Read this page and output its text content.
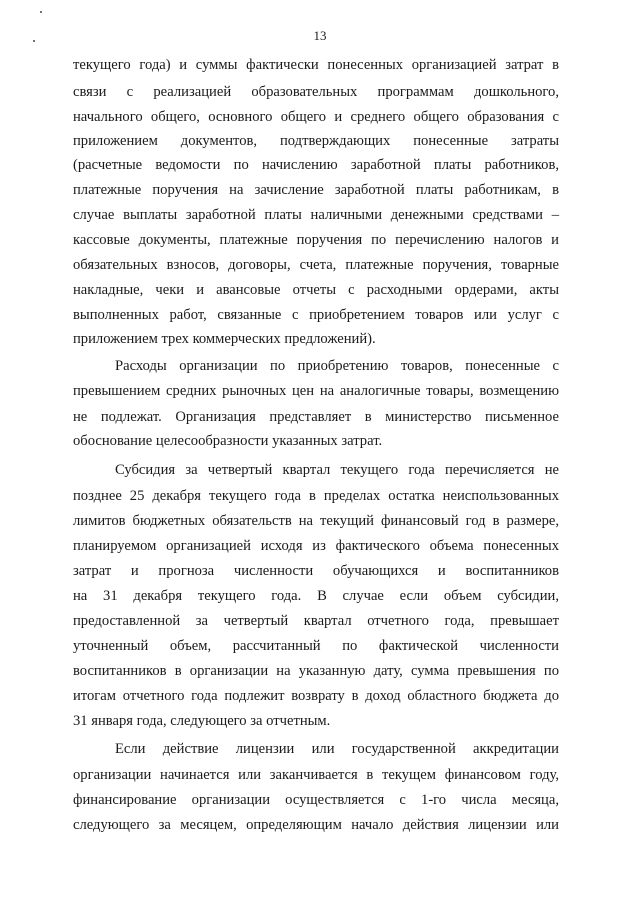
13
текущего года) и суммы фактически понесенных организацией затрат в
связи с реализацией образовательных программам дошкольного,
начального общего, основного общего и среднего общего образования с
приложением документов, подтверждающих понесенные затраты
(расчетные ведомости по начислению заработной платы работников,
платежные поручения на зачисление заработной платы работникам, в
случае выплаты заработной платы наличными денежными средствами –
кассовые документы, платежные поручения по перечислению налогов и
обязательных взносов, договоры, счета, платежные поручения, товарные
накладные, чеки и авансовые отчеты с расходными ордерами, акты
выполненных работ, связанные с приобретением товаров или услуг с
приложением трех коммерческих предложений).
Расходы организации по приобретению товаров, понесенные с
превышением средних рыночных цен на аналогичные товары, возмещению
не подлежат. Организация представляет в министерство письменное
обоснование целесообразности указанных затрат.
Субсидия за четвертый квартал текущего года перечисляется не
позднее 25 декабря текущего года в пределах остатка неиспользованных
лимитов бюджетных обязательств на текущий финансовый год в размере,
планируемом организацией исходя из фактического объема понесенных
затрат и прогноза численности обучающихся и воспитанников
на 31 декабря текущего года. В случае если объем субсидии,
предоставленной за четвертый квартал отчетного года, превышает
уточненный объем, рассчитанный по фактической численности
воспитанников в организации на указанную дату, сумма превышения по
итогам отчетного года подлежит возврату в доход областного бюджета до
31 января года, следующего за отчетным.
Если действие лицензии или государственной аккредитации
организации начинается или заканчивается в текущем финансовом году,
финансирование организации осуществляется с 1-го числа месяца,
следующего за месяцем, определяющим начало действия лицензии или
